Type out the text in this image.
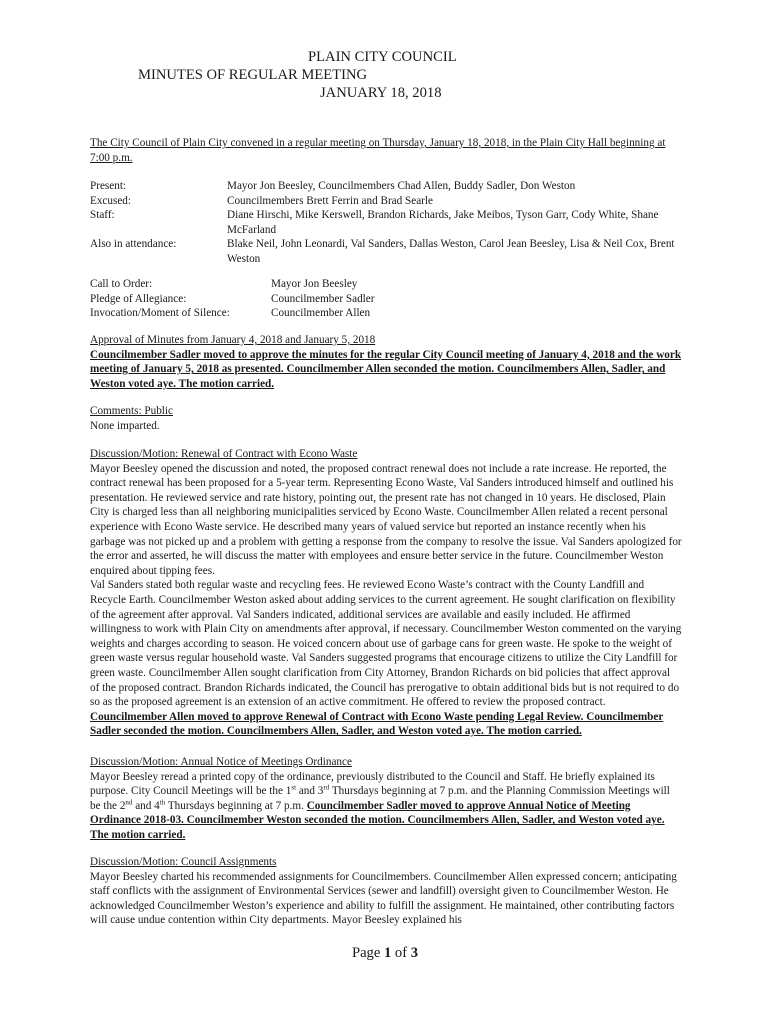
PLAIN CITY COUNCIL
MINUTES OF REGULAR MEETING
JANUARY 18, 2018

The City Council of Plain City convened in a regular meeting on Thursday, January 18, 2018, in the Plain City Hall beginning at 7:00 p.m.

Present:	Mayor Jon Beesley, Councilmembers Chad Allen, Buddy Sadler, Don Weston
Excused:	Councilmembers Brett Ferrin and Brad Searle
Staff:	Diane Hirschi, Mike Kerswell, Brandon Richards, Jake Meibos, Tyson Garr, Cody White, Shane McFarland
Also in attendance:	Blake Neil, John Leonardi, Val Sanders, Dallas Weston, Carol Jean Beesley, Lisa & Neil Cox, Brent Weston
Call to Order:	Mayor Jon Beesley
Pledge of Allegiance:	Councilmember Sadler
Invocation/Moment of Silence:	Councilmember Allen

Approval of Minutes from January 4, 2018 and January 5, 2018

Councilmember Sadler moved to approve the minutes for the regular City Council meeting of January 4, 2018 and the work meeting of January 5, 2018 as presented. Councilmember Allen seconded the motion. Councilmembers Allen, Sadler, and Weston voted aye. The motion carried.

Comments: Public

None imparted.

Discussion/Motion: Renewal of Contract with Econo Waste

Mayor Beesley opened the discussion and noted, the proposed contract renewal does not include a rate increase. He reported, the contract renewal has been proposed for a 5-year term. Representing Econo Waste, Val Sanders introduced himself and outlined his presentation. He reviewed service and rate history, pointing out, the present rate has not changed in 10 years. He disclosed, Plain City is charged less than all neighboring municipalities serviced by Econo Waste. Councilmember Allen related a recent personal experience with Econo Waste service. He described many years of valued service but reported an instance recently when his garbage was not picked up and a problem with getting a response from the company to resolve the issue. Val Sanders apologized for the error and asserted, he will discuss the matter with employees and ensure better service in the future. Councilmember Weston enquired about tipping fees.

Val Sanders stated both regular waste and recycling fees. He reviewed Econo Waste’s contract with the County Landfill and Recycle Earth. Councilmember Weston asked about adding services to the current agreement. He sought clarification on flexibility of the agreement after approval. Val Sanders indicated, additional services are available and easily included. He affirmed willingness to work with Plain City on amendments after approval, if necessary. Councilmember Weston commented on the varying weights and charges according to season. He voiced concern about use of garbage cans for green waste. He spoke to the weight of green waste versus regular household waste. Val Sanders suggested programs that encourage citizens to utilize the City Landfill for green waste. Councilmember Allen sought clarification from City Attorney, Brandon Richards on bid policies that affect approval of the proposed contract. Brandon Richards indicated, the Council has prerogative to obtain additional bids but is not required to do so as the proposed agreement is an extension of an active commitment. He offered to review the proposed contract. Councilmember Allen moved to approve Renewal of Contract with Econo Waste pending Legal Review. Councilmember Sadler seconded the motion. Councilmembers Allen, Sadler, and Weston voted aye. The motion carried.

Discussion/Motion: Annual Notice of Meetings Ordinance

Mayor Beesley reread a printed copy of the ordinance, previously distributed to the Council and Staff. He briefly explained its purpose. City Council Meetings will be the 1st and 3rd Thursdays beginning at 7 p.m. and the Planning Commission Meetings will be the 2nd and 4th Thursdays beginning at 7 p.m. Councilmember Sadler moved to approve Annual Notice of Meeting Ordinance 2018-03. Councilmember Weston seconded the motion. Councilmembers Allen, Sadler, and Weston voted aye. The motion carried.

Discussion/Motion: Council Assignments

Mayor Beesley charted his recommended assignments for Councilmembers. Councilmember Allen expressed concern; anticipating staff conflicts with the assignment of Environmental Services (sewer and landfill) oversight given to Councilmember Weston. He acknowledged Councilmember Weston’s experience and ability to fulfill the assignment. He maintained, other contributing factors will cause undue contention within City departments. Mayor Beesley explained his

Page 1 of 3
